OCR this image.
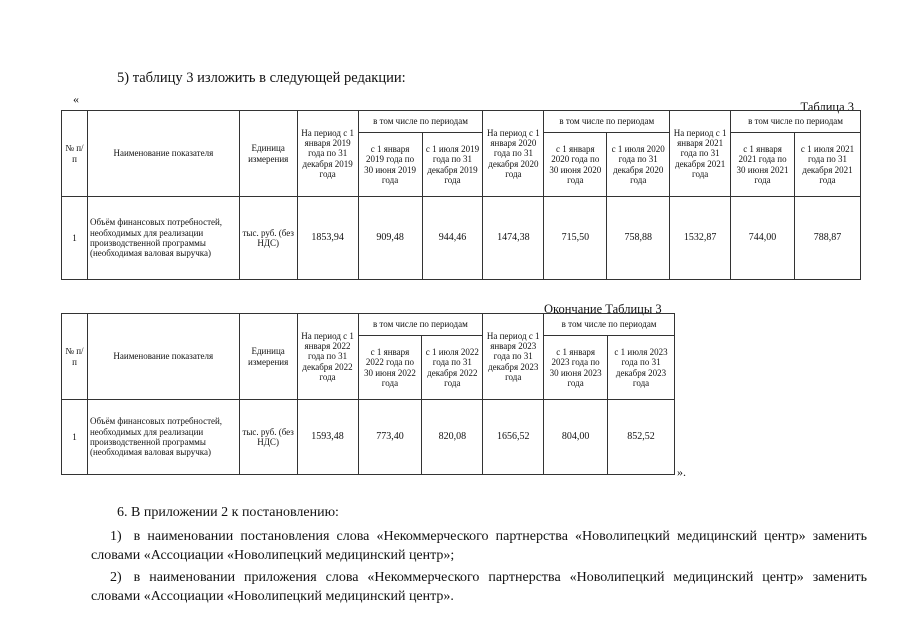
5) таблицу 3 изложить в следующей редакции:
«
Таблица 3
№ п/п	Наименование показателя	Единица измерения	На период с 1 января 2019 года по 31 декабря 2019 года	в том числе по периодам		На период с 1 января 2020 года по 31 декабря 2020 года	в том числе по периодам		На период с 1 января 2021 года по 31 декабря 2021 года	в том числе по периодам	
				с 1 января 2019 года по 30 июня 2019 года	с 1 июля 2019 года по 31 декабря 2019 года		с 1 января 2020 года по 30 июня 2020 года	с 1 июля 2020 года по 31 декабря 2020 года		с 1 января 2021 года по 30 июня 2021 года	с 1 июля 2021 года по 31 декабря 2021 года
1	Объём финансовых потребностей, необходимых для реализации производственной программы (необходимая валовая выручка)	тыс. руб. (без НДС)	1853,94	909,48	944,46	1474,38	715,50	758,88	1532,87	744,00	788,87
Окончание Таблицы 3
№ п/п	Наименование показателя	Единица измерения	На период с 1 января 2022 года по 31 декабря 2022 года	в том числе по периодам		На период с 1 января 2023 года по 31 декабря 2023 года	в том числе по периодам	
				с 1 января 2022 года по 30 июня 2022 года	с 1 июля 2022 года по 31 декабря 2022 года		с 1 января 2023 года по 30 июня 2023 года	с 1 июля 2023 года по 31 декабря 2023 года
1	Объём финансовых потребностей, необходимых для реализации производственной программы (необходимая валовая выручка)	тыс. руб. (без НДС)	1593,48	773,40	820,08	1656,52	804,00	852,52
».
6. В приложении 2 к постановлению:
1) в наименовании постановления слова «Некоммерческого партнерства «Новолипецкий медицинский центр» заменить словами «Ассоциации «Новолипецкий медицинский центр»;
2) в наименовании приложения слова «Некоммерческого партнерства «Новолипецкий медицинский центр» заменить словами «Ассоциации «Новолипецкий медицинский центр».
